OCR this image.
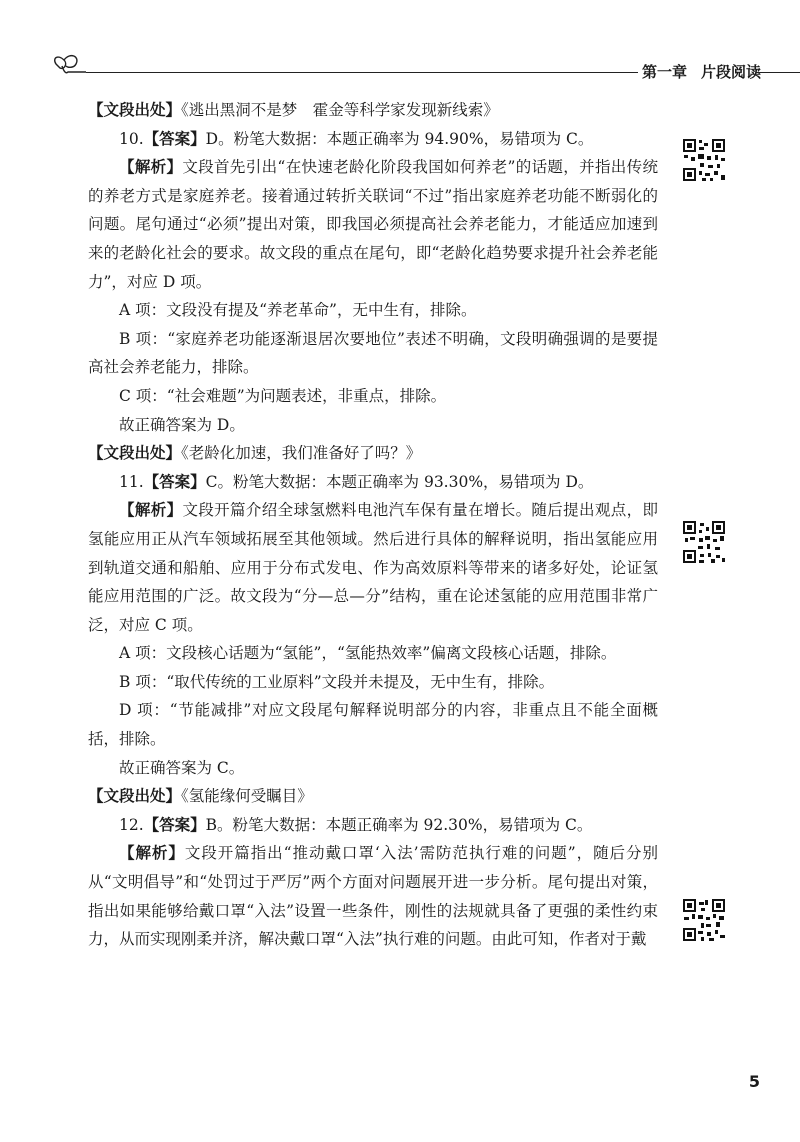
第一章 片段阅读

【文段出处】《逃出黑洞不是梦　霍金等科学家发现新线索》

10.【答案】D。粉笔大数据：本题正确率为 94.90%，易错项为 C。

【解析】文段首先引出“在快速老龄化阶段我国如何养老”的话题，并指出传统的养老方式是家庭养老。接着通过转折关联词“不过”指出家庭养老功能不断弱化的问题。尾句通过“必须”提出对策，即我国必须提高社会养老能力，才能适应加速到来的老龄化社会的要求。故文段的重点在尾句，即“老龄化趋势要求提升社会养老能力”，对应 D 项。

A 项：文段没有提及“养老革命”，无中生有，排除。

B 项：“家庭养老功能逐渐退居次要地位”表述不明确，文段明确强调的是要提高社会养老能力，排除。

C 项：“社会难题”为问题表述，非重点，排除。

故正确答案为 D。

【文段出处】《老龄化加速，我们准备好了吗？》

11.【答案】C。粉笔大数据：本题正确率为 93.30%，易错项为 D。

【解析】文段开篇介绍全球氢燃料电池汽车保有量在增长。随后提出观点，即氢能应用正从汽车领域拓展至其他领域。然后进行具体的解释说明，指出氢能应用到轨道交通和船舶、应用于分布式发电、作为高效原料等带来的诸多好处，论证氢能应用范围的广泛。故文段为“分—总—分”结构，重在论述氢能的应用范围非常广泛，对应 C 项。

A 项：文段核心话题为“氢能”，“氢能热效率”偏离文段核心话题，排除。

B 项：“取代传统的工业原料”文段并未提及，无中生有，排除。

D 项：“节能减排”对应文段尾句解释说明部分的内容，非重点且不能全面概括，排除。

故正确答案为 C。

【文段出处】《氢能缘何受瞩目》

12.【答案】B。粉笔大数据：本题正确率为 92.30%，易错项为 C。

【解析】文段开篇指出“推动戴口罩‘入法’需防范执行难的问题”，随后分别从“文明倡导”和“处罚过于严厉”两个方面对问题展开进一步分析。尾句提出对策，指出如果能够给戴口罩“入法”设置一些条件，刚性的法规就具备了更强的柔性约束力，从而实现刚柔并济，解决戴口罩“入法”执行难的问题。由此可知，作者对于戴

5
